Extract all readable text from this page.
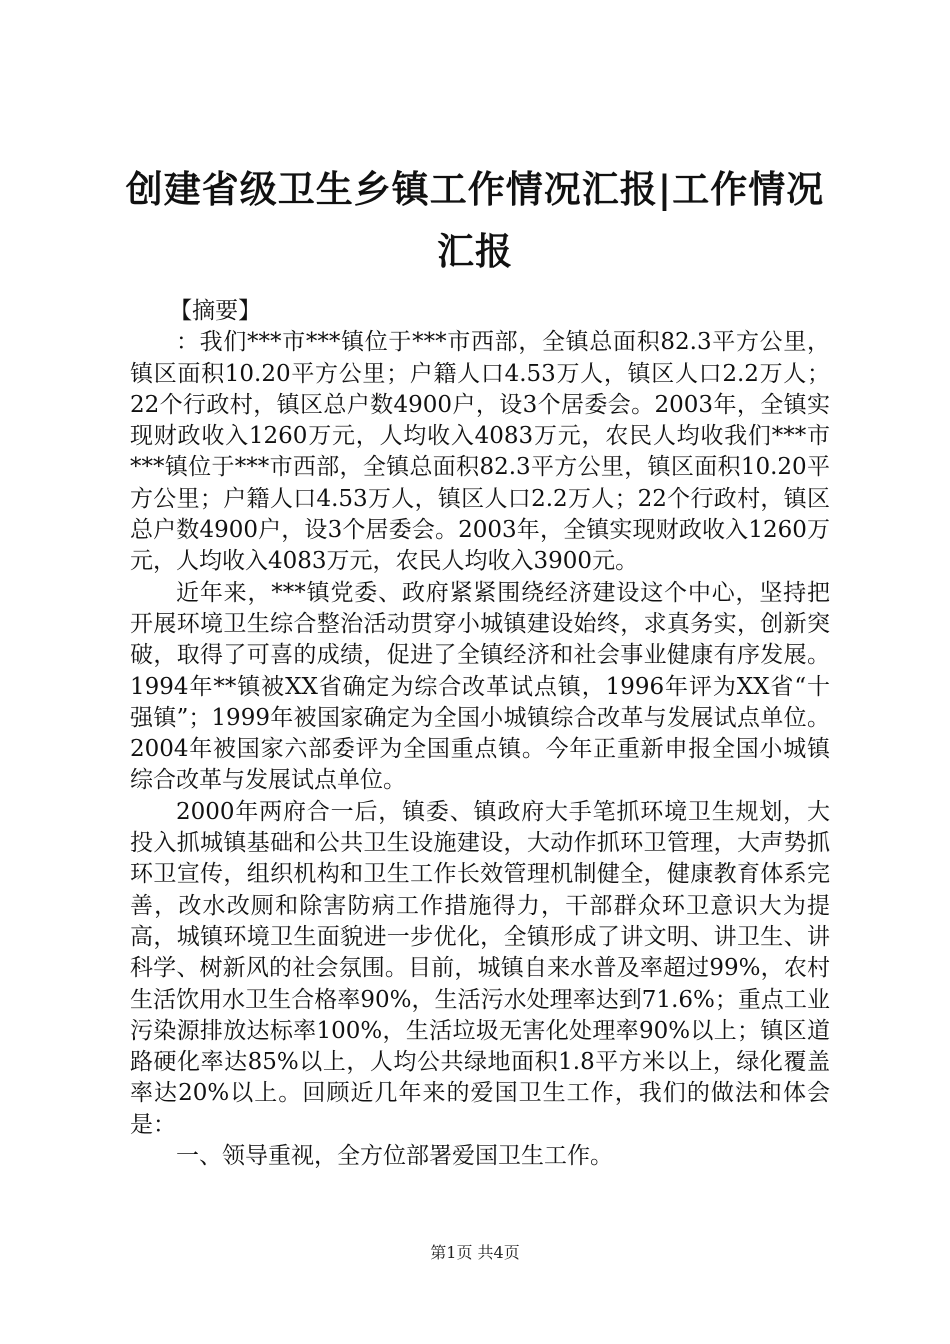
创建省级卫生乡镇工作情况汇报|工作情况汇报

【摘要】

：我们***市***镇位于***市西部，全镇总面积82.3平方公里，镇区面积10.20平方公里；户籍人口4.53万人，镇区人口2.2万人；22个行政村，镇区总户数4900户，设3个居委会。2003年，全镇实现财政收入1260万元，人均收入4083万元，农民人均收我们***市***镇位于***市西部，全镇总面积82.3平方公里，镇区面积10.20平方公里；户籍人口4.53万人，镇区人口2.2万人；22个行政村，镇区总户数4900户，设3个居委会。2003年，全镇实现财政收入1260万元，人均收入4083万元，农民人均收入3900元。

近年来，***镇党委、政府紧紧围绕经济建设这个中心，坚持把开展环境卫生综合整治活动贯穿小城镇建设始终，求真务实，创新突破，取得了可喜的成绩，促进了全镇经济和社会事业健康有序发展。1994年**镇被XX省确定为综合改革试点镇，1996年评为XX省“十强镇”；1999年被国家确定为全国小城镇综合改革与发展试点单位。2004年被国家六部委评为全国重点镇。今年正重新申报全国小城镇综合改革与发展试点单位。

2000年两府合一后，镇委、镇政府大手笔抓环境卫生规划，大投入抓城镇基础和公共卫生设施建设，大动作抓环卫管理，大声势抓环卫宣传，组织机构和卫生工作长效管理机制健全，健康教育体系完善，改水改厕和除害防病工作措施得力，干部群众环卫意识大为提高，城镇环境卫生面貌进一步优化，全镇形成了讲文明、讲卫生、讲科学、树新风的社会氛围。目前，城镇自来水普及率超过99%，农村生活饮用水卫生合格率90%，生活污水处理率达到71.6%；重点工业污染源排放达标率100%，生活垃圾无害化处理率90%以上；镇区道路硬化率达85%以上，人均公共绿地面积1.8平方米以上，绿化覆盖率达20%以上。回顾近几年来的爱国卫生工作，我们的做法和体会是：

一、领导重视，全方位部署爱国卫生工作。

第1页 共4页
